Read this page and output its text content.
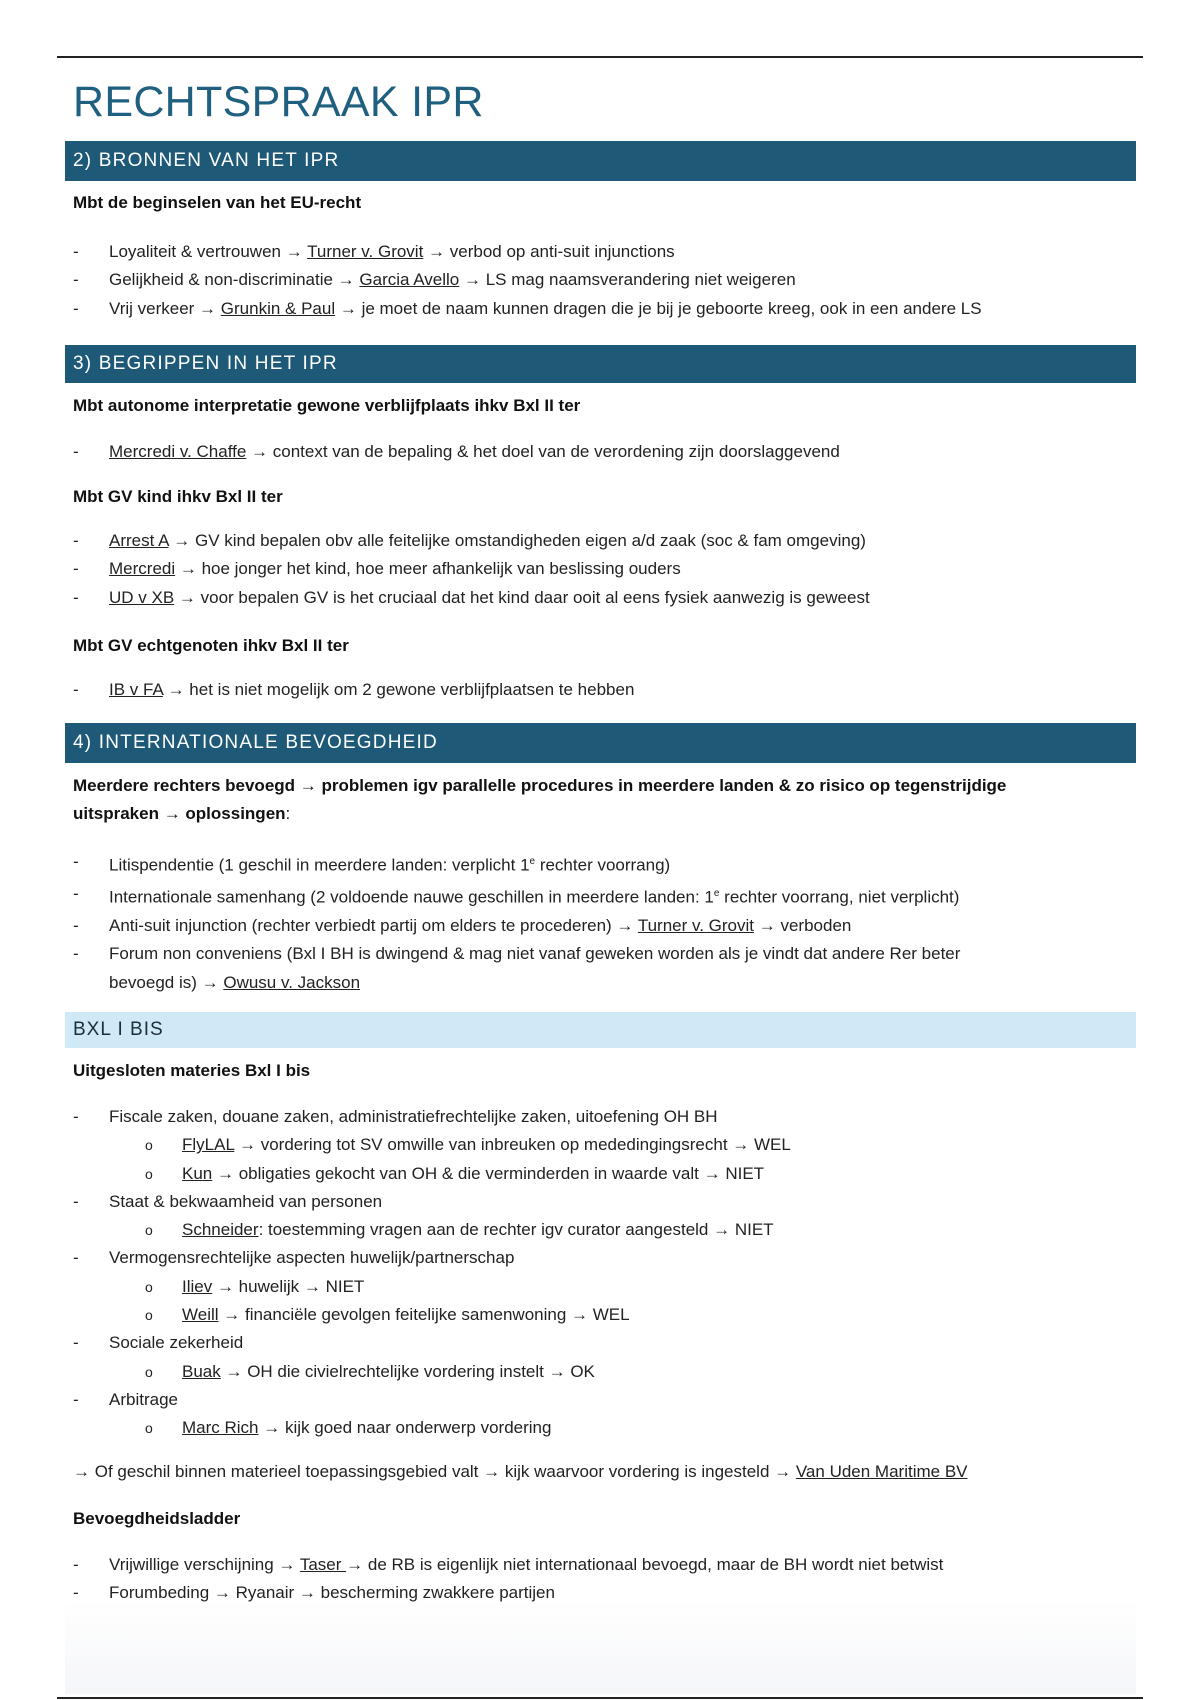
RECHTSPRAAK IPR
2) BRONNEN VAN HET IPR
Mbt de beginselen van het EU-recht
- Loyaliteit & vertrouwen → Turner v. Grovit → verbod op anti-suit injunctions
- Gelijkheid & non-discriminatie → Garcia Avello → LS mag naamsverandering niet weigeren
- Vrij verkeer → Grunkin & Paul → je moet de naam kunnen dragen die je bij je geboorte kreeg, ook in een andere LS
3) BEGRIPPEN IN HET IPR
Mbt autonome interpretatie gewone verblijfplaats ihkv Bxl II ter
- Mercredi v. Chaffe → context van de bepaling & het doel van de verordening zijn doorslaggevend
Mbt GV kind ihkv Bxl II ter
- Arrest A → GV kind bepalen obv alle feitelijke omstandigheden eigen a/d zaak (soc & fam omgeving)
- Mercredi → hoe jonger het kind, hoe meer afhankelijk van beslissing ouders
- UD v XB → voor bepalen GV is het cruciaal dat het kind daar ooit al eens fysiek aanwezig is geweest
Mbt GV echtgenoten ihkv Bxl II ter
- IB v FA → het is niet mogelijk om 2 gewone verblijfplaatsen te hebben
4) INTERNATIONALE BEVOEGDHEID
Meerdere rechters bevoegd → problemen igv parallelle procedures in meerdere landen & zo risico op tegenstrijdige
uitspraken → oplossingen:
- Litispendentie (1 geschil in meerdere landen: verplicht 1e rechter voorrang)
- Internationale samenhang (2 voldoende nauwe geschillen in meerdere landen: 1e rechter voorrang, niet verplicht)
- Anti-suit injunction (rechter verbiedt partij om elders te procederen) → Turner v. Grovit → verboden
- Forum non conveniens (Bxl I BH is dwingend & mag niet vanaf geweken worden als je vindt dat andere Rer beter
bevoegd is) → Owusu v. Jackson
BXL I BIS
Uitgesloten materies Bxl I bis
- Fiscale zaken, douane zaken, administratiefrechtelijke zaken, uitoefening OH BH
o FlyLAL → vordering tot SV omwille van inbreuken op mededingingsrecht → WEL
o Kun → obligaties gekocht van OH & die verminderden in waarde valt → NIET
- Staat & bekwaamheid van personen
o Schneider: toestemming vragen aan de rechter igv curator aangesteld → NIET
- Vermogensrechtelijke aspecten huwelijk/partnerschap
o Iliev → huwelijk → NIET
o Weill → financiële gevolgen feitelijke samenwoning → WEL
- Sociale zekerheid
o Buak → OH die civielrechtelijke vordering instelt → OK
- Arbitrage
o Marc Rich → kijk goed naar onderwerp vordering
→ Of geschil binnen materieel toepassingsgebied valt → kijk waarvoor vordering is ingesteld → Van Uden Maritime BV
Bevoegdheidsladder
- Vrijwillige verschijning → Taser → de RB is eigenlijk niet internationaal bevoegd, maar de BH wordt niet betwist
- Forumbeding → Ryanair → bescherming zwakkere partijen
